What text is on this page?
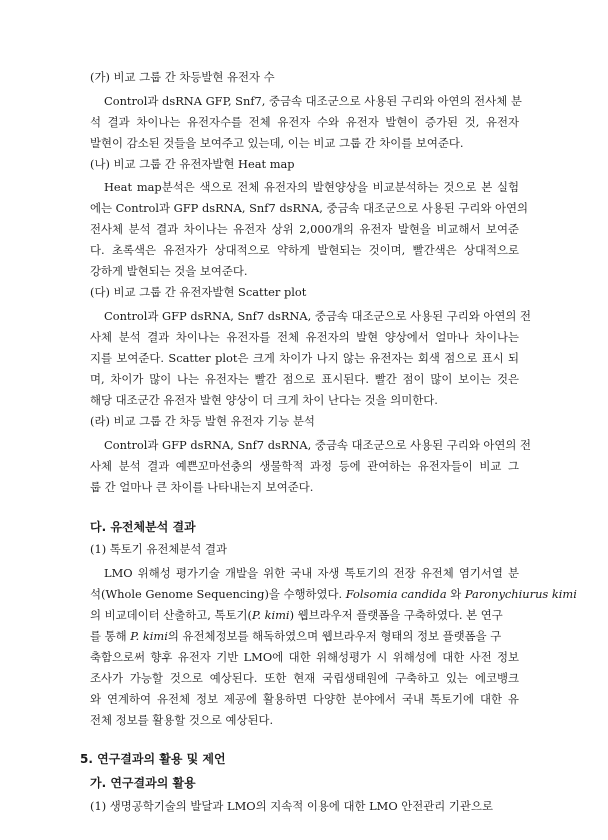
(가) 비교 그룹 간 차등발현 유전자 수
Control과 dsRNA GFP, Snf7, 중금속 대조군으로 사용된 구리와 아연의 전사체 분
석 결과 차이나는 유전자수를 전체 유전자 수와 유전자 발현이 증가된 것, 유전자
발현이 감소된 것들을 보여주고 있는데, 이는 비교 그룹 간 차이를 보여준다.
(나) 비교 그룹 간 유전자발현 Heat map
Heat map분석은 색으로 전체 유전자의 발현양상을 비교분석하는 것으로 본 실험
에는 Control과 GFP dsRNA, Snf7 dsRNA, 중금속 대조군으로 사용된 구리와 아연의
전사체 분석 결과 차이나는 유전자 상위 2,000개의 유전자 발현을 비교해서 보여준
다. 초록색은 유전자가 상대적으로 약하게 발현되는 것이며, 빨간색은 상대적으로
강하게 발현되는 것을 보여준다.
(다) 비교 그룹 간 유전자발현 Scatter plot
Control과 GFP dsRNA, Snf7 dsRNA, 중금속 대조군으로 사용된 구리와 아연의 전
사체 분석 결과 차이나는 유전자를 전체 유전자의 발현 양상에서 얼마나 차이나는
지를 보여준다. Scatter plot은 크게 차이가 나지 않는 유전자는 회색 점으로 표시 되
며, 차이가 많이 나는 유전자는 빨간 점으로 표시된다. 빨간 점이 많이 보이는 것은
해당 대조군간 유전자 발현 양상이 더 크게 차이 난다는 것을 의미한다.
(라) 비교 그룹 간 차등 발현 유전자 기능 분석
Control과 GFP dsRNA, Snf7 dsRNA, 중금속 대조군으로 사용된 구리와 아연의 전
사체 분석 결과 예쁜꼬마선충의 생물학적 과정 등에 관여하는 유전자들이 비교 그
룹 간 얼마나 큰 차이를 나타내는지 보여준다.
다. 유전체분석 결과
(1) 톡토기 유전체분석 결과
LMO 위해성 평가기술 개발을 위한 국내 자생 톡토기의 전장 유전체 염기서열 분
석(Whole Genome Sequencing)을 수행하였다. Folsomia candida 와 Paronychiurus kimi
의 비교데이터 산출하고, 톡토기(P. kimi) 웹브라우저 플랫폼을 구축하였다. 본 연구
를 통해 P. kimi의 유전체정보를 해독하였으며 웹브라우저 형태의 정보 플랫폼을 구
축함으로써 향후 유전자 기반 LMO에 대한 위해성평가 시 위해성에 대한 사전 정보
조사가 가능할 것으로 예상된다. 또한 현재 국립생태원에 구축하고 있는 에코뱅크
와 연계하여 유전체 정보 제공에 활용하면 다양한 분야에서 국내 톡토기에 대한 유
전체 정보를 활용할 것으로 예상된다.
5. 연구결과의 활용 및 제언
가. 연구결과의 활용
(1) 생명공학기술의 발달과 LMO의 지속적 이용에 대한 LMO 안전관리 기관으로
